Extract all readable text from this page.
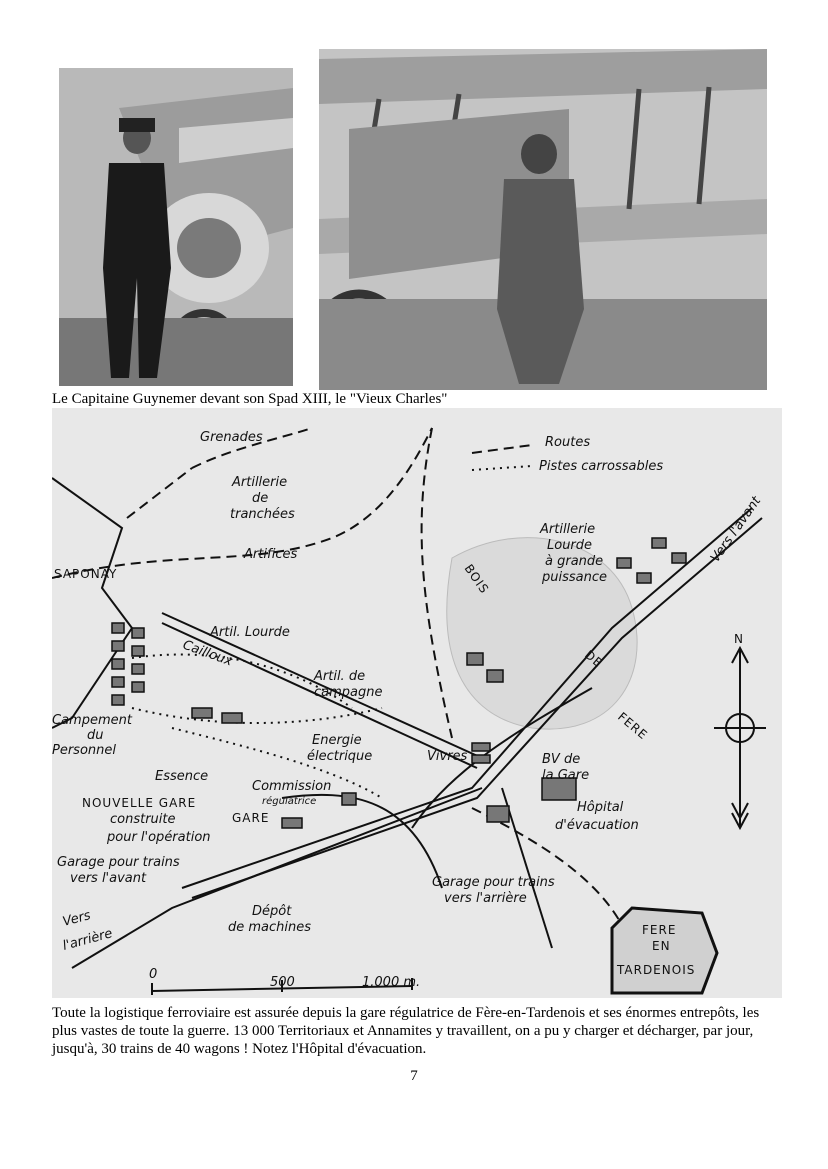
Le Capitaine Guynemer devant son Spad XIII, le "Vieux Charles"
Grenades	Routes
Pistes carrossables
Artillerie
de
tranchées
Artifices
SAPONAY
Artillerie
Lourde
à grande
puissance
Vers l'avant
BOIS
DE
FERE
Artil. Lourde
Cailloux
Artil. de
campagne
Campement
du
Personnel
Energie
électrique	Vivres	BV de
la Gare
Essence
Commission
régulatrice
NOUVELLE GARE
construite
pour l'opération
GARE
Hôpital
d'évacuation
Garage pour trains
vers l'avant	Garage pour trains
vers l'arrière
Dépôt
de machines
Vers
l'arrière	FERE
EN
TARDENOIS
N
0
500	1.000 m.
Toute la logistique ferroviaire est assurée depuis la gare régulatrice de Fère-en-Tardenois et ses énormes entrepôts, les plus vastes de toute la guerre. 13 000 Territoriaux et Annamites y travaillent, on a pu y charger et décharger, par jour, jusqu'à, 30 trains de 40 wagons ! Notez l'Hôpital d'évacuation.
7
